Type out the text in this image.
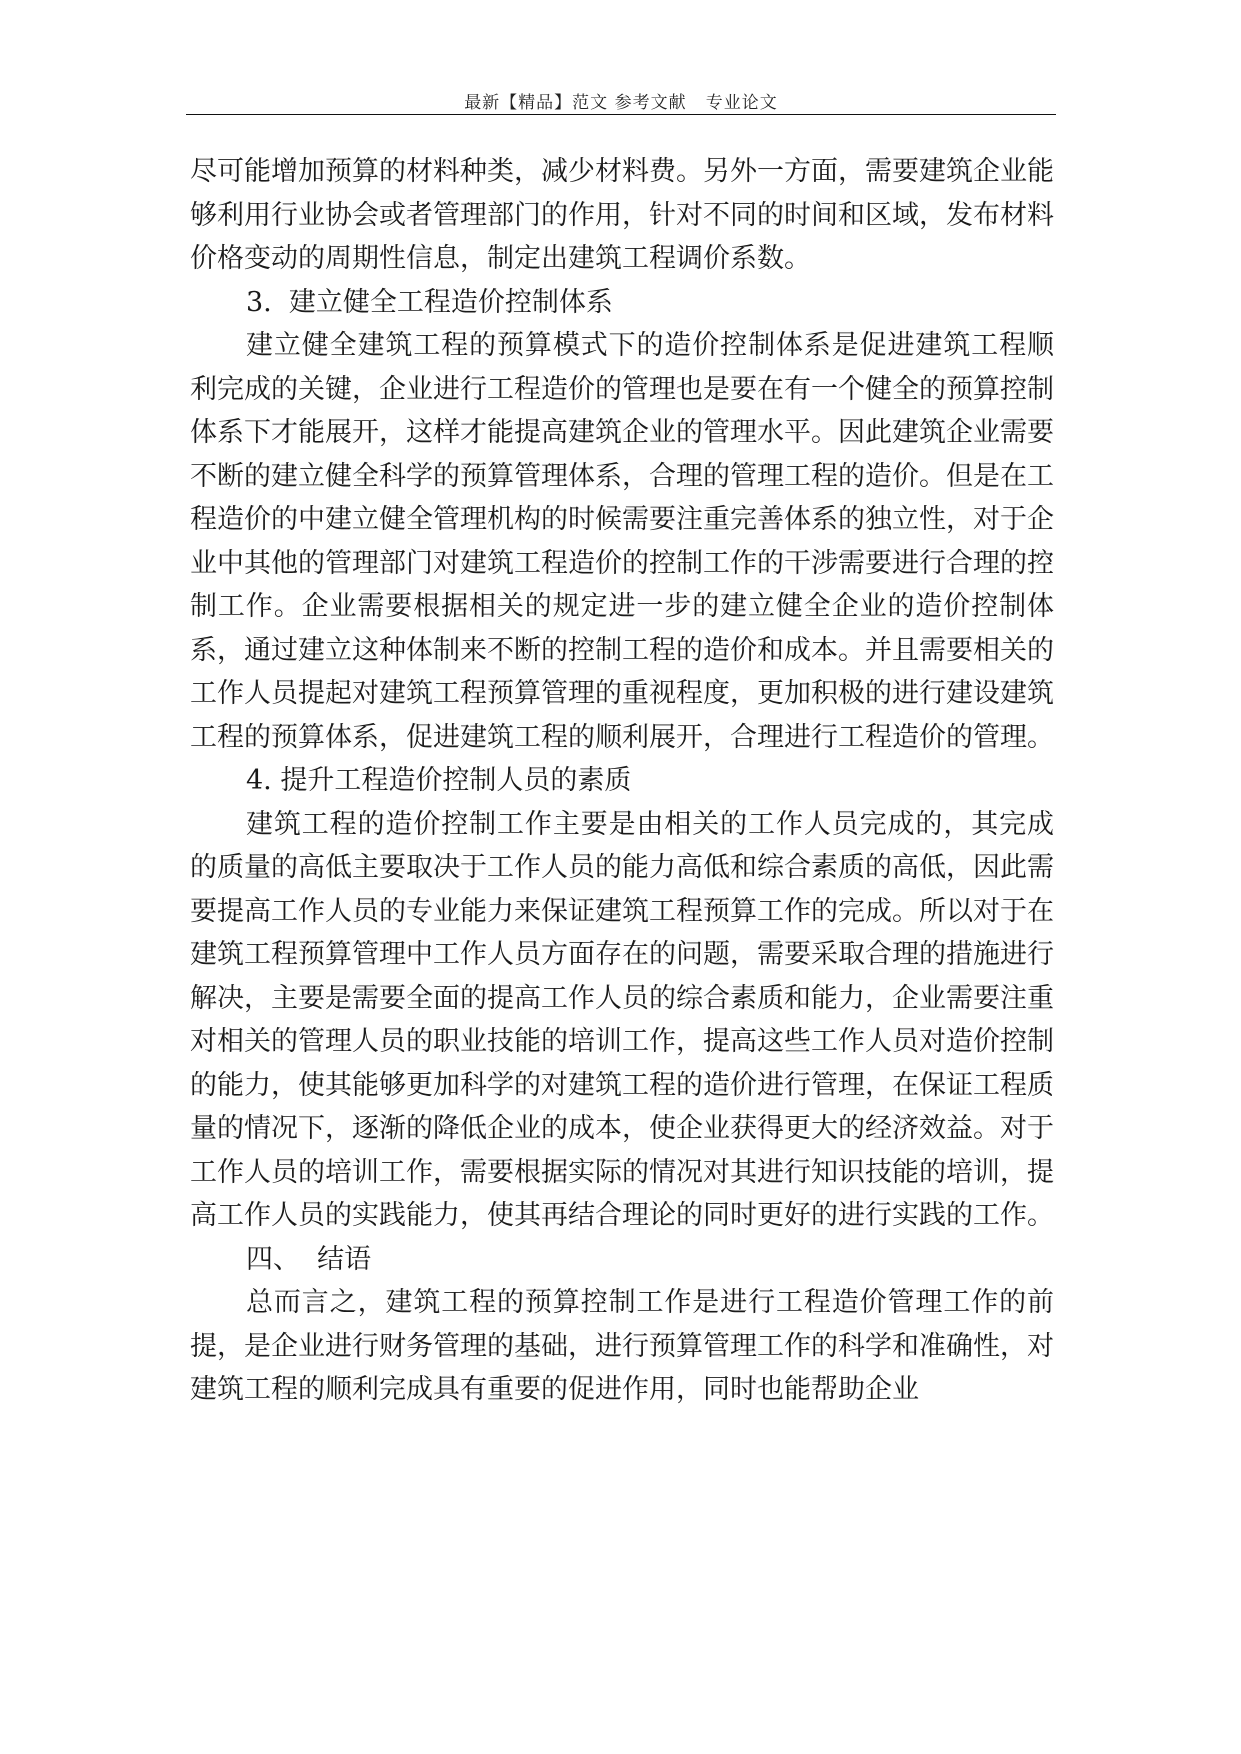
最新【精品】范文 参考文献   专业论文

尽可能增加预算的材料种类，减少材料费。另外一方面，需要建筑企业能够利用行业协会或者管理部门的作用，针对不同的时间和区域，发布材料价格变动的周期性信息，制定出建筑工程调价系数。

3.  建立健全工程造价控制体系

建立健全建筑工程的预算模式下的造价控制体系是促进建筑工程顺利完成的关键，企业进行工程造价的管理也是要在有一个健全的预算控制体系下才能展开，这样才能提高建筑企业的管理水平。因此建筑企业需要不断的建立健全科学的预算管理体系，合理的管理工程的造价。但是在工程造价的中建立健全管理机构的时候需要注重完善体系的独立性，对于企业中其他的管理部门对建筑工程造价的控制工作的干涉需要进行合理的控制工作。企业需要根据相关的规定进一步的建立健全企业的造价控制体系，通过建立这种体制来不断的控制工程的造价和成本。并且需要相关的工作人员提起对建筑工程预算管理的重视程度，更加积极的进行建设建筑工程的预算体系，促进建筑工程的顺利展开，合理进行工程造价的管理。

4. 提升工程造价控制人员的素质

建筑工程的造价控制工作主要是由相关的工作人员完成的，其完成的质量的高低主要取决于工作人员的能力高低和综合素质的高低，因此需要提高工作人员的专业能力来保证建筑工程预算工作的完成。所以对于在建筑工程预算管理中工作人员方面存在的问题，需要采取合理的措施进行解决，主要是需要全面的提高工作人员的综合素质和能力，企业需要注重对相关的管理人员的职业技能的培训工作，提高这些工作人员对造价控制的能力，使其能够更加科学的对建筑工程的造价进行管理，在保证工程质量的情况下，逐渐的降低企业的成本，使企业获得更大的经济效益。对于工作人员的培训工作，需要根据实际的情况对其进行知识技能的培训，提高工作人员的实践能力，使其再结合理论的同时更好的进行实践的工作。

四、  结语

总而言之，建筑工程的预算控制工作是进行工程造价管理工作的前提，是企业进行财务管理的基础，进行预算管理工作的科学和准确性，对建筑工程的顺利完成具有重要的促进作用，同时也能帮助企业
